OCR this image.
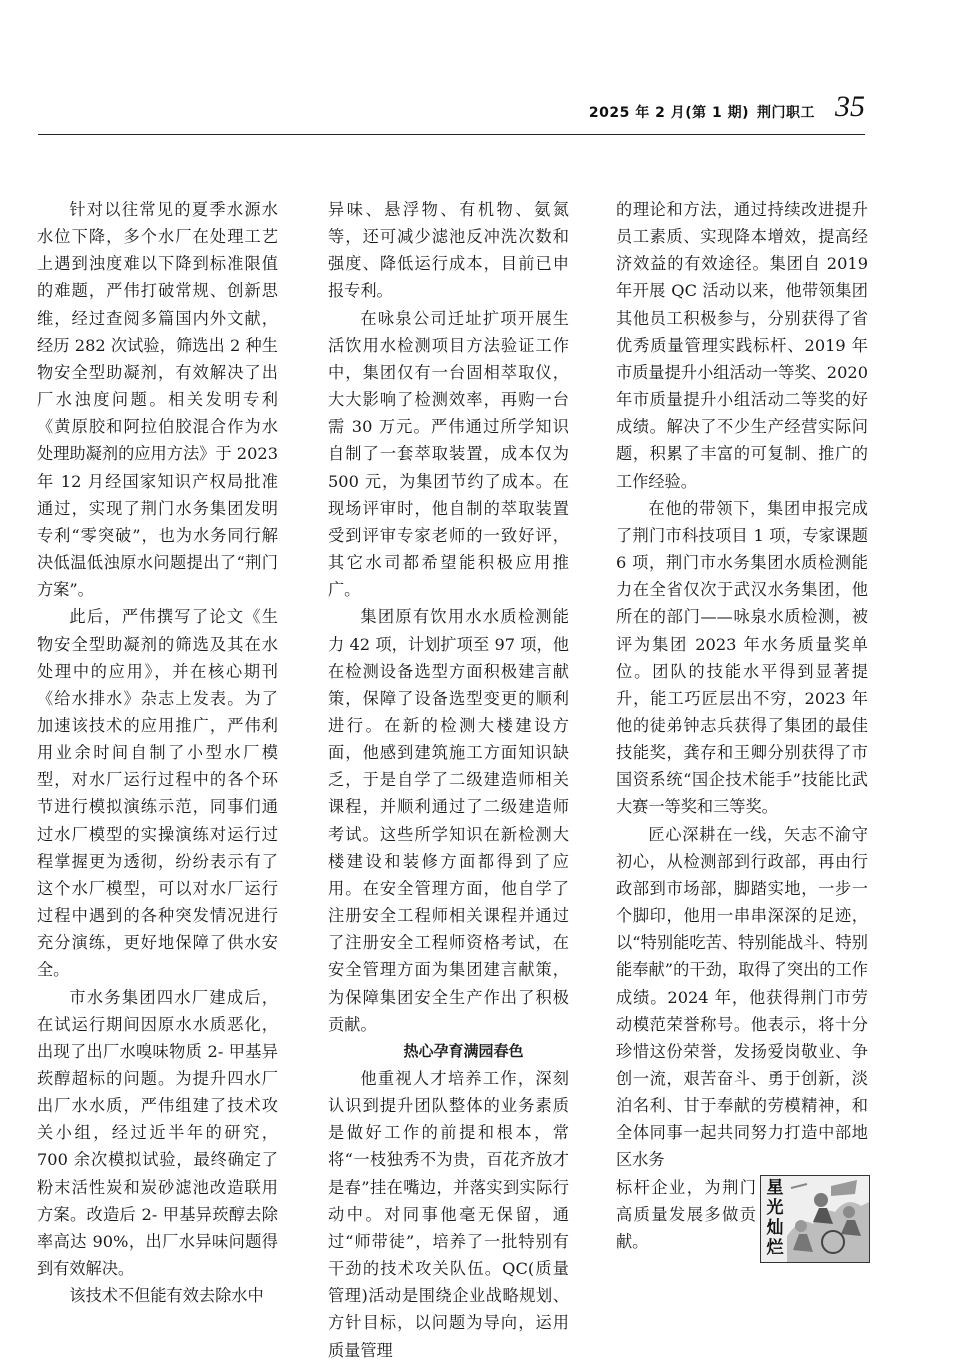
2025 年 2 月(第 1 期) 荆门职工 35

针对以往常见的夏季水源水水位下降，多个水厂在处理工艺上遇到浊度难以下降到标准限值的难题，严伟打破常规、创新思维，经过查阅多篇国内外文献，经历 282 次试验，筛选出 2 种生物安全型助凝剂，有效解决了出厂水浊度问题。相关发明专利《黄原胶和阿拉伯胶混合作为水处理助凝剂的应用方法》于 2023 年 12 月经国家知识产权局批准通过，实现了荆门水务集团发明专利“零突破”，也为水务同行解决低温低浊原水问题提出了“荆门方案”。

此后，严伟撰写了论文《生物安全型助凝剂的筛选及其在水处理中的应用》，并在核心期刊《给水排水》杂志上发表。为了加速该技术的应用推广，严伟利用业余时间自制了小型水厂模型，对水厂运行过程中的各个环节进行模拟演练示范，同事们通过水厂模型的实操演练对运行过程掌握更为透彻，纷纷表示有了这个水厂模型，可以对水厂运行过程中遇到的各种突发情况进行充分演练，更好地保障了供水安全。

市水务集团四水厂建成后，在试运行期间因原水水质恶化，出现了出厂水嗅味物质 2- 甲基异莰醇超标的问题。为提升四水厂出厂水水质，严伟组建了技术攻关小组，经过近半年的研究，700 余次模拟试验，最终确定了粉末活性炭和炭砂滤池改造联用方案。改造后 2- 甲基异莰醇去除率高达 90%，出厂水异味问题得到有效解决。

该技术不但能有效去除水中

异味、悬浮物、有机物、氨氮等，还可减少滤池反冲洗次数和强度、降低运行成本，目前已申报专利。

在咏泉公司迁址扩项开展生活饮用水检测项目方法验证工作中，集团仅有一台固相萃取仪，大大影响了检测效率，再购一台需 30 万元。严伟通过所学知识自制了一套萃取装置，成本仅为 500 元，为集团节约了成本。在现场评审时，他自制的萃取装置受到评审专家老师的一致好评，其它水司都希望能积极应用推广。

集团原有饮用水水质检测能力 42 项，计划扩项至 97 项，他在检测设备选型方面积极建言献策，保障了设备选型变更的顺利进行。在新的检测大楼建设方面，他感到建筑施工方面知识缺乏，于是自学了二级建造师相关课程，并顺利通过了二级建造师考试。这些所学知识在新检测大楼建设和装修方面都得到了应用。在安全管理方面，他自学了注册安全工程师相关课程并通过了注册安全工程师资格考试，在安全管理方面为集团建言献策，为保障集团安全生产作出了积极贡献。

热心孕育满园春色

他重视人才培养工作，深刻认识到提升团队整体的业务素质是做好工作的前提和根本，常将“一枝独秀不为贵，百花齐放才是春”挂在嘴边，并落实到实际行动中。对同事他毫无保留，通过“师带徒”，培养了一批特别有干劲的技术攻关队伍。QC(质量管理)活动是围绕企业战略规划、方针目标，以问题为导向，运用质量管理

的理论和方法，通过持续改进提升员工素质、实现降本增效，提高经济效益的有效途径。集团自 2019 年开展 QC 活动以来，他带领集团其他员工积极参与，分别获得了省优秀质量管理实践标杆、2019 年市质量提升小组活动一等奖、2020 年市质量提升小组活动二等奖的好成绩。解决了不少生产经营实际问题，积累了丰富的可复制、推广的工作经验。

在他的带领下，集团申报完成了荆门市科技项目 1 项，专家课题 6 项，荆门市水务集团水质检测能力在全省仅次于武汉水务集团，他所在的部门——咏泉水质检测，被评为集团 2023 年水务质量奖单位。团队的技能水平得到显著提升，能工巧匠层出不穷，2023 年他的徒弟钟志兵获得了集团的最佳技能奖，龚存和王卿分别获得了市国资系统“国企技术能手”技能比武大赛一等奖和三等奖。

匠心深耕在一线，矢志不渝守初心，从检测部到行政部，再由行政部到市场部，脚踏实地，一步一个脚印，他用一串串深深的足迹，以“特别能吃苦、特别能战斗、特别能奉献”的干劲，取得了突出的工作成绩。2024 年，他获得荆门市劳动模范荣誉称号。他表示，将十分珍惜这份荣誉，发扬爱岗敬业、争创一流，艰苦奋斗、勇于创新，淡泊名利、甘于奉献的劳模精神，和全体同事一起共同努力打造中部地区水务

标杆企业，为荆门高质量发展多做贡献。

星光灿烂
